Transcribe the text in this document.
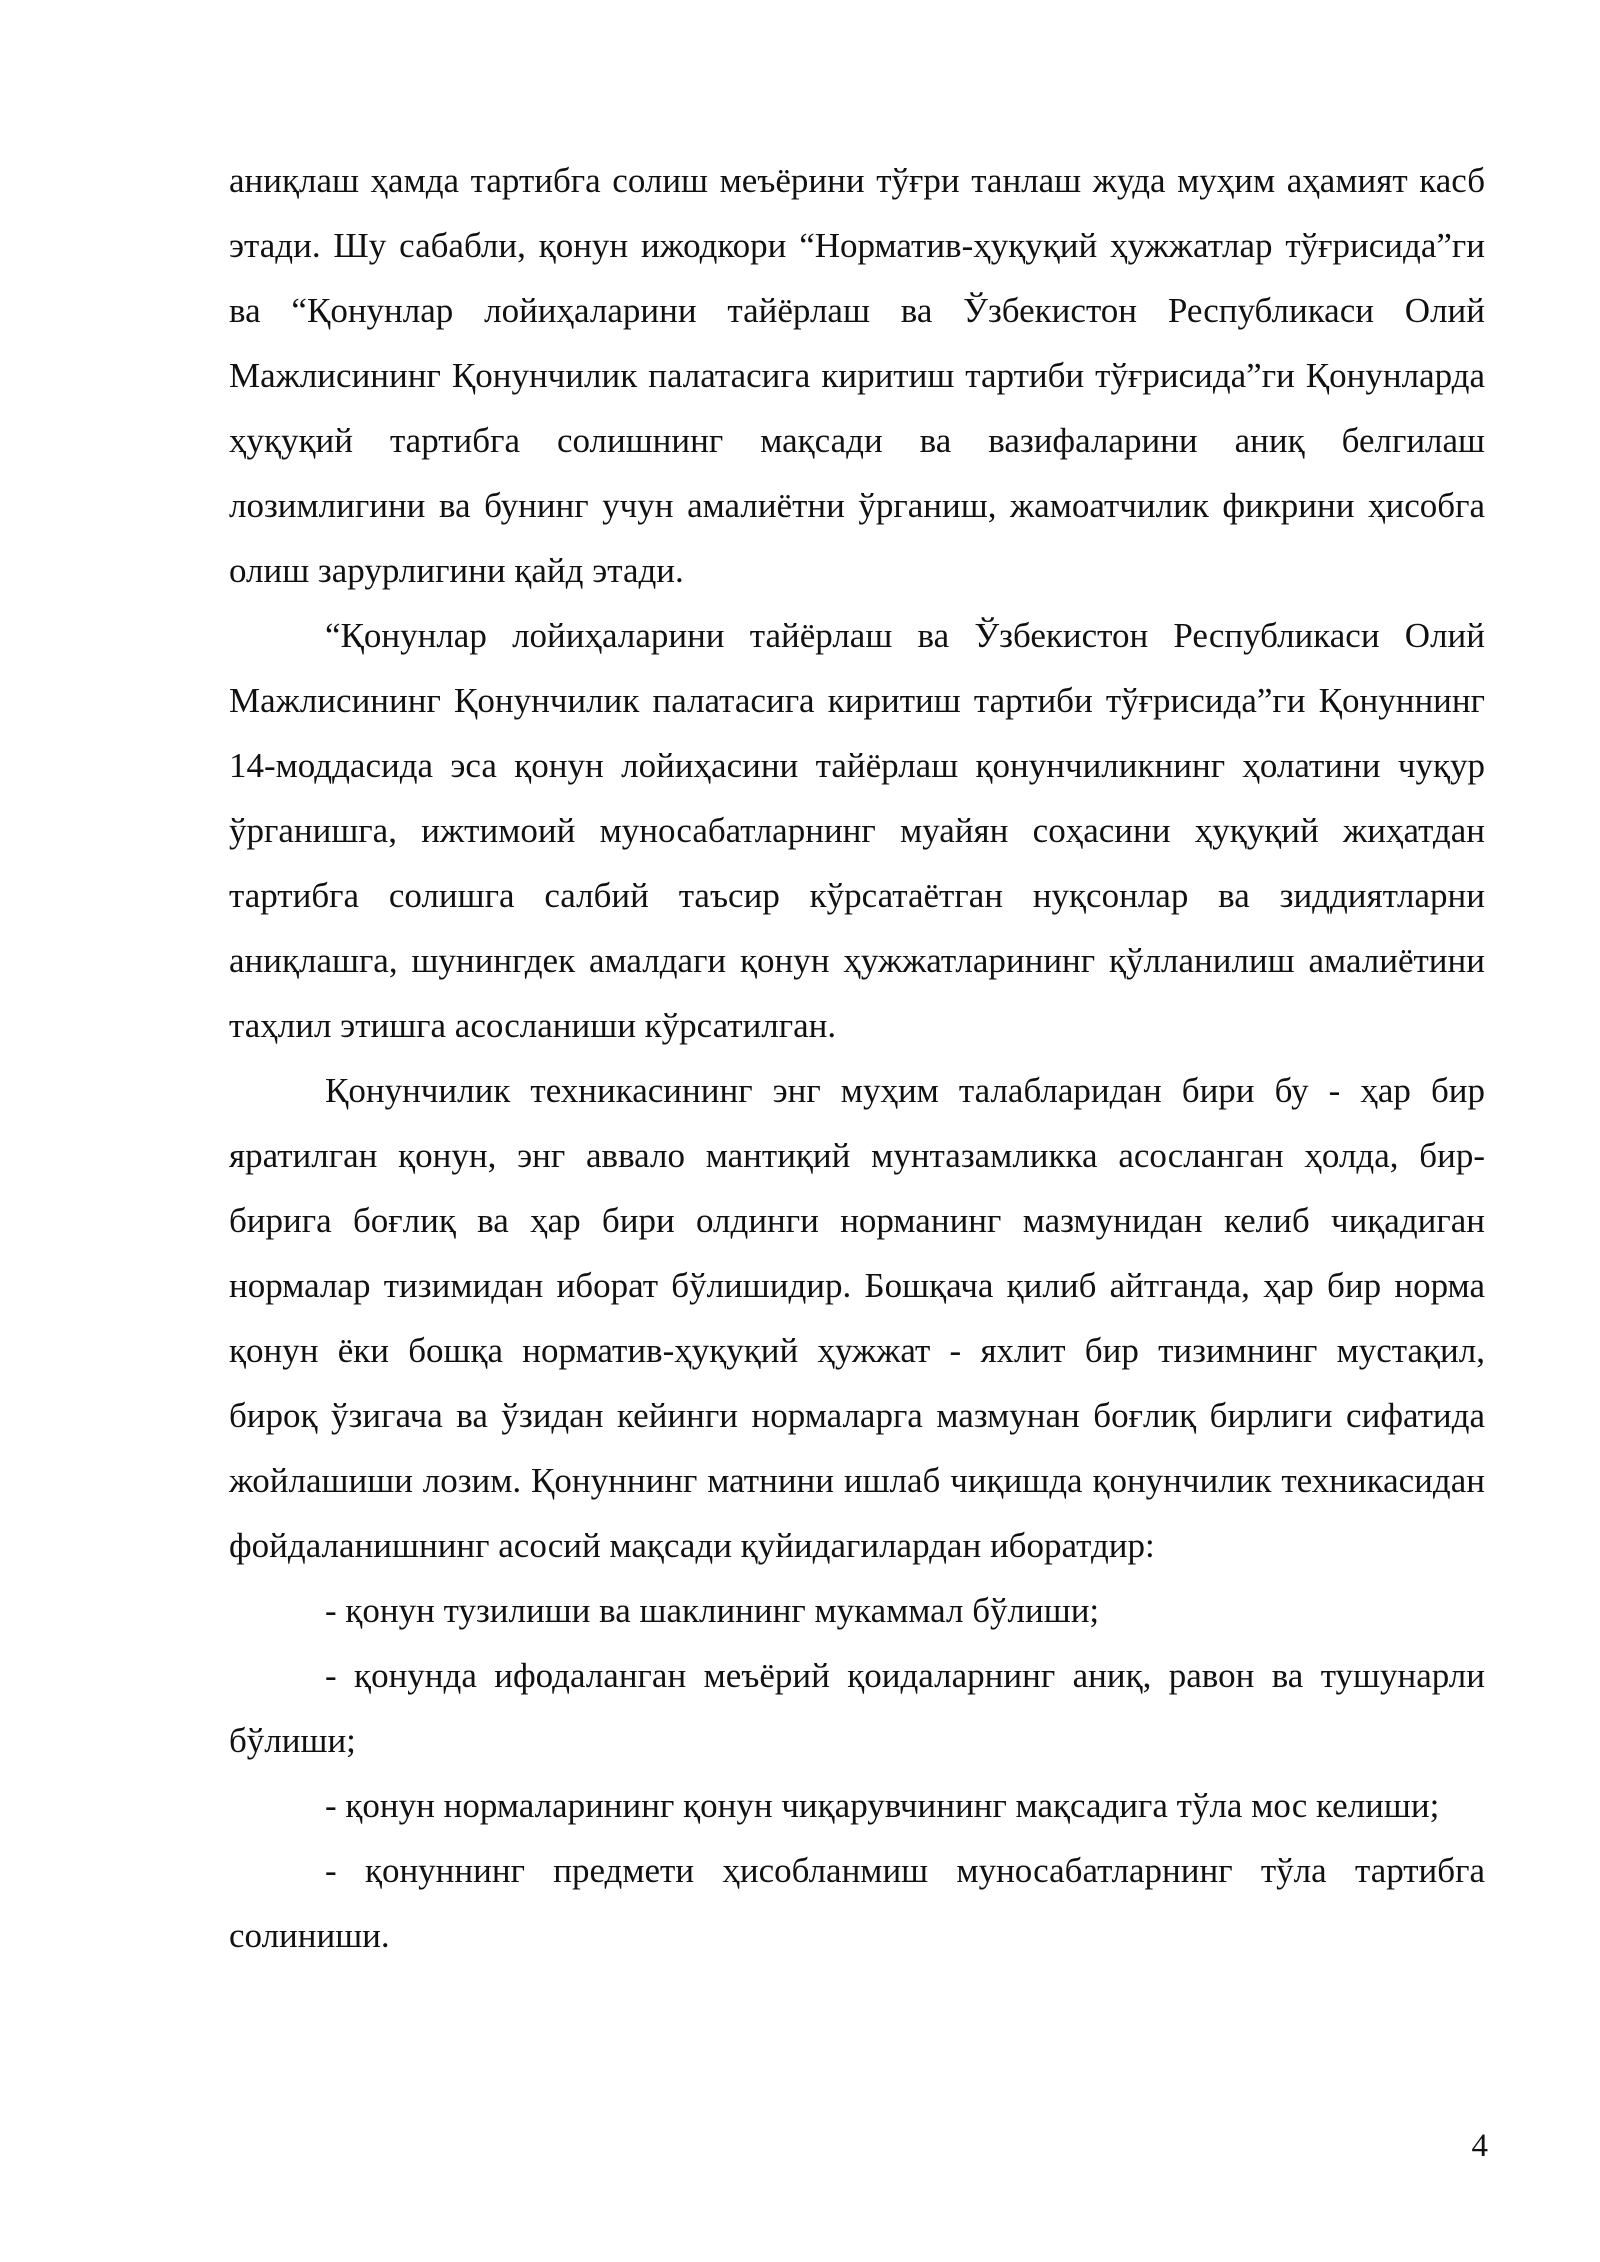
аниқлаш ҳамда тартибга солиш меъёрини тўғри танлаш жуда муҳим аҳамият касб этади. Шу сабабли, қонун ижодкори “Норматив-ҳуқуқий ҳужжатлар тўғрисида”ги ва “Қонунлар лойиҳаларини тайёрлаш ва Ўзбекистон Республикаси Олий Мажлисининг Қонунчилик палатасига киритиш тартиби тўғрисида”ги Қонунларда ҳуқуқий тартибга солишнинг мақсади ва вазифаларини аниқ белгилаш лозимлигини ва бунинг учун амалиётни ўрганиш, жамоатчилик фикрини ҳисобга олиш зарурлигини қайд этади.

“Қонунлар лойиҳаларини тайёрлаш ва Ўзбекистон Республикаси Олий Мажлисининг Қонунчилик палатасига киритиш тартиби тўғрисида”ги Қонуннинг 14-моддасида эса қонун лойиҳасини тайёрлаш қонунчиликнинг ҳолатини чуқур ўрганишга, ижтимоий муносабатларнинг муайян соҳасини ҳуқуқий жиҳатдан тартибга солишга салбий таъсир кўрсатаётган нуқсонлар ва зиддиятларни аниқлашга, шунингдек амалдаги қонун ҳужжатларининг қўлланилиш амалиётини таҳлил этишга асосланиши кўрсатилган.

Қонунчилик техникасининг энг муҳим талабларидан бири бу - ҳар бир яратилган қонун, энг аввало мантиқий мунтазамликка асосланган ҳолда, бир-бирига боғлиқ ва ҳар бири олдинги норманинг мазмунидан келиб чиқадиган нормалар тизимидан иборат бўлишидир. Бошқача қилиб айтганда, ҳар бир норма қонун ёки бошқа норматив-ҳуқуқий ҳужжат - яхлит бир тизимнинг мустақил, бироқ ўзигача ва ўзидан кейинги нормаларга мазмунан боғлиқ бирлиги сифатида жойлашиши лозим. Қонуннинг матнини ишлаб чиқишда қонунчилик техникасидан фойдаланишнинг асосий мақсади қуйидагилардан иборатдир:

- қонун тузилиши ва шаклининг мукаммал бўлиши;

- қонунда ифодаланган меъёрий қоидаларнинг аниқ, равон ва тушунарли бўлиши;

- қонун нормаларининг қонун чиқарувчининг мақсадига тўла мос келиши;

- қонуннинг предмети ҳисобланмиш муносабатларнинг тўла тартибга солиниши.

4
